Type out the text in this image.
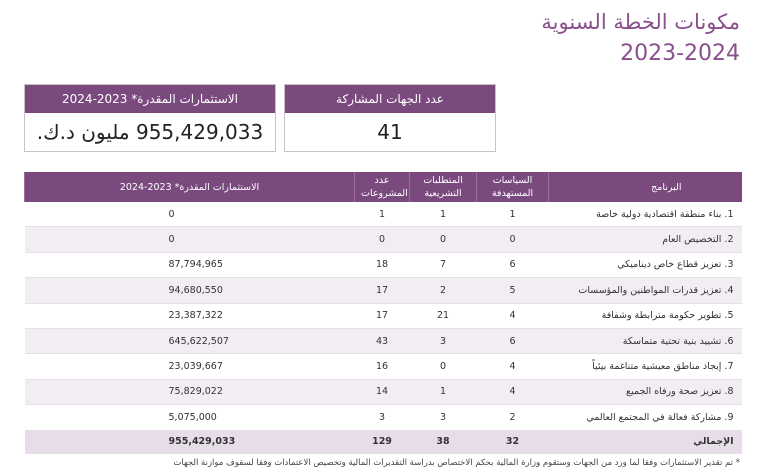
مكونات الخطة السنوية
2023-2024
عدد الجهات المشاركة
41
الاستثمارات المقدرة* 2023-2024
955,429,033 مليون د.ك.
الاستثمارات المقدرة* 2023-2024	عدد المشروعات	المتطلبات التشريعية	السياسات المستهدفة	البرنامج
0	1	1	1	1. بناء منطقة اقتصادية دولية خاصة
0	0	0	0	2. التخصيص العام
87,794,965	18	7	6	3. تعزيز قطاع خاص ديناميكي
94,680,550	17	2	5	4. تعزيز قدرات المواطنين والمؤسسات
23,387,322	17	21	4	5. تطوير حكومة مترابطة وشفافة
645,622,507	43	3	6	6. تشييد بنية تحتية متماسكة
23,039,667	16	0	4	7. إيجاد مناطق معيشية متناغمة بيئياً
75,829,022	14	1	4	8. تعزيز صحة ورفاه الجميع
5,075,000	3	3	2	9. مشاركة فعالة في المجتمع العالمي
955,429,033	129	38	32	الإجمالي
* تم تقدير الاستثمارات وفقا لما ورد من الجهات وستقوم وزارة المالية بحكم الاختصاص بدراسة التقديرات المالية وتخصيص الاعتمادات وفقا لسقوف موازنة الجهات
